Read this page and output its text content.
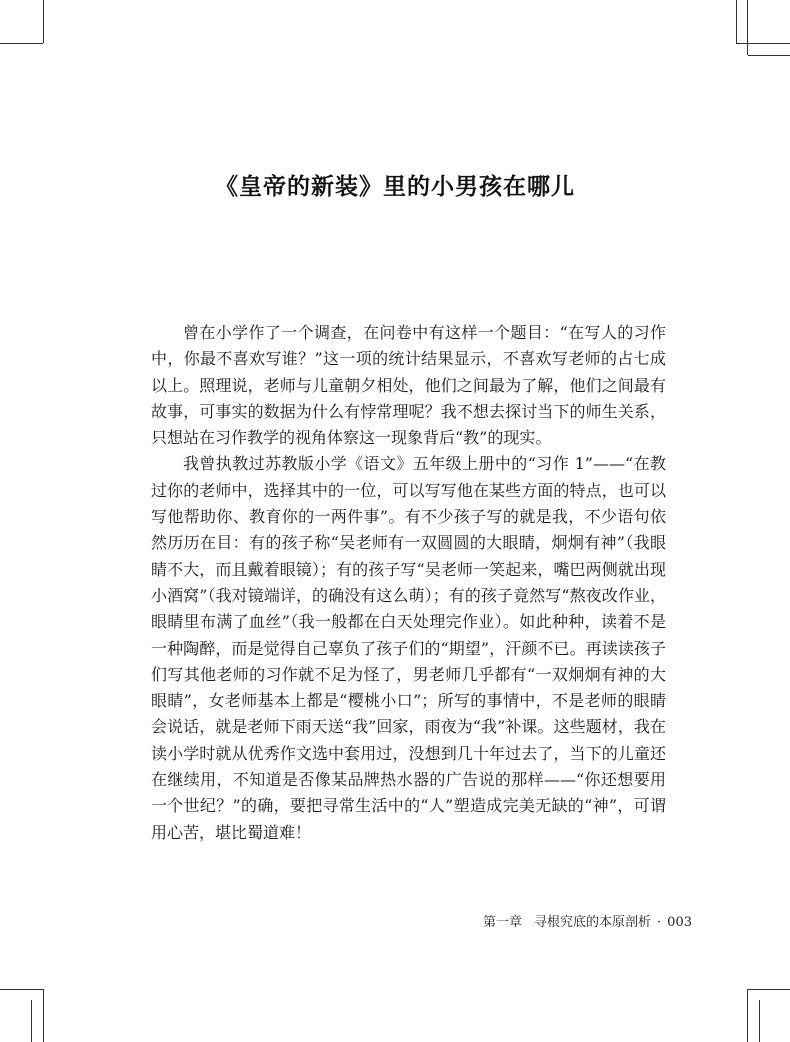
《皇帝的新装》里的小男孩在哪儿

曾在小学作了一个调查，在问卷中有这样一个题目：“在写人的习作中，你最不喜欢写谁？”这一项的统计结果显示，不喜欢写老师的占七成以上。照理说，老师与儿童朝夕相处，他们之间最为了解，他们之间最有故事，可事实的数据为什么有悖常理呢？我不想去探讨当下的师生关系，只想站在习作教学的视角体察这一现象背后“教”的现实。

我曾执教过苏教版小学《语文》五年级上册中的“习作 1”——“在教过你的老师中，选择其中的一位，可以写写他在某些方面的特点，也可以写他帮助你、教育你的一两件事”。有不少孩子写的就是我，不少语句依然历历在目：有的孩子称“吴老师有一双圆圆的大眼睛，炯炯有神”（我眼睛不大，而且戴着眼镜）；有的孩子写“吴老师一笑起来，嘴巴两侧就出现小酒窝”（我对镜端详，的确没有这么萌）；有的孩子竟然写“熬夜改作业，眼睛里布满了血丝”（我一般都在白天处理完作业）。如此种种，读着不是一种陶醉，而是觉得自己辜负了孩子们的“期望”，汗颜不已。再读读孩子们写其他老师的习作就不足为怪了，男老师几乎都有“一双炯炯有神的大眼睛”，女老师基本上都是“樱桃小口”；所写的事情中，不是老师的眼睛会说话，就是老师下雨天送“我”回家，雨夜为“我”补课。这些题材，我在读小学时就从优秀作文选中套用过，没想到几十年过去了，当下的儿童还在继续用，不知道是否像某品牌热水器的广告说的那样——“你还想要用一个世纪？”的确，要把寻常生活中的“人”塑造成完美无缺的“神”，可谓用心苦，堪比蜀道难！

第一章 寻根究底的本原剖析 · 003
